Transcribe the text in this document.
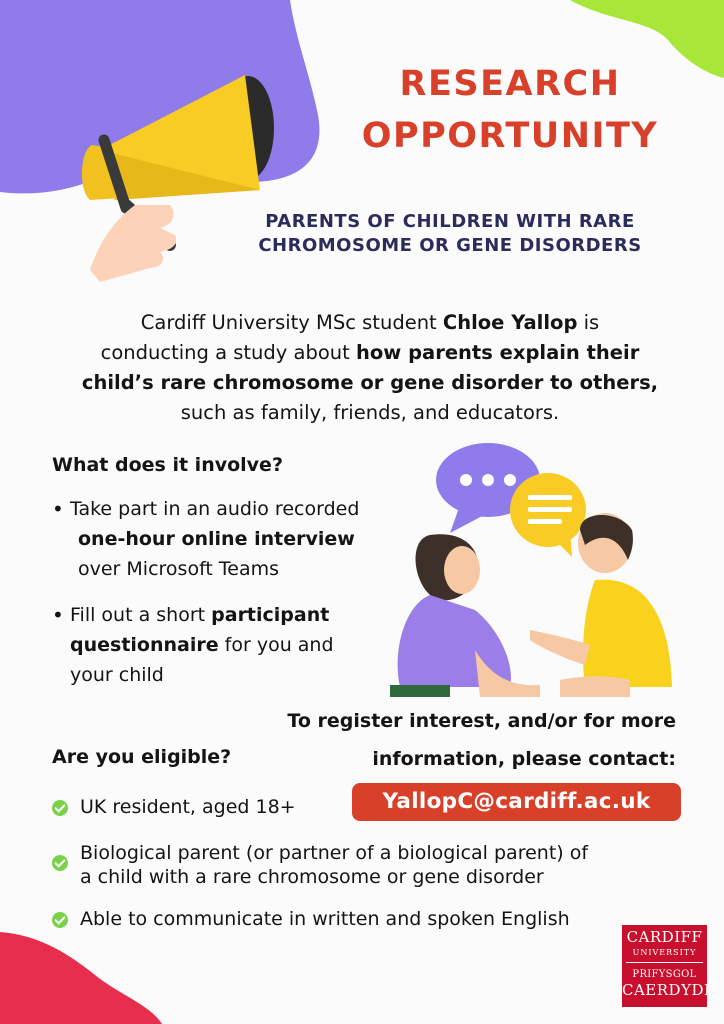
RESEARCH
OPPORTUNITY
PARENTS OF CHILDREN WITH RARE
CHROMOSOME OR GENE DISORDERS
Cardiff University MSc student Chloe Yallop is
conducting a study about how parents explain their
child’s rare chromosome or gene disorder to others,
such as family, friends, and educators.
What does it involve?
• Take part in an audio recorded
one-hour online interview
over Microsoft Teams
• Fill out a short participant
questionnaire for you and
your child
To register interest, and/or for more
information, please contact:
YallopC@cardiff.ac.uk
Are you eligible?
UK resident, aged 18+
Biological parent (or partner of a biological parent) of
a child with a rare chromosome or gene disorder
Able to communicate in written and spoken English
CARDIFF
UNIVERSITY
PRIFYSGOL
CAERDYDD
